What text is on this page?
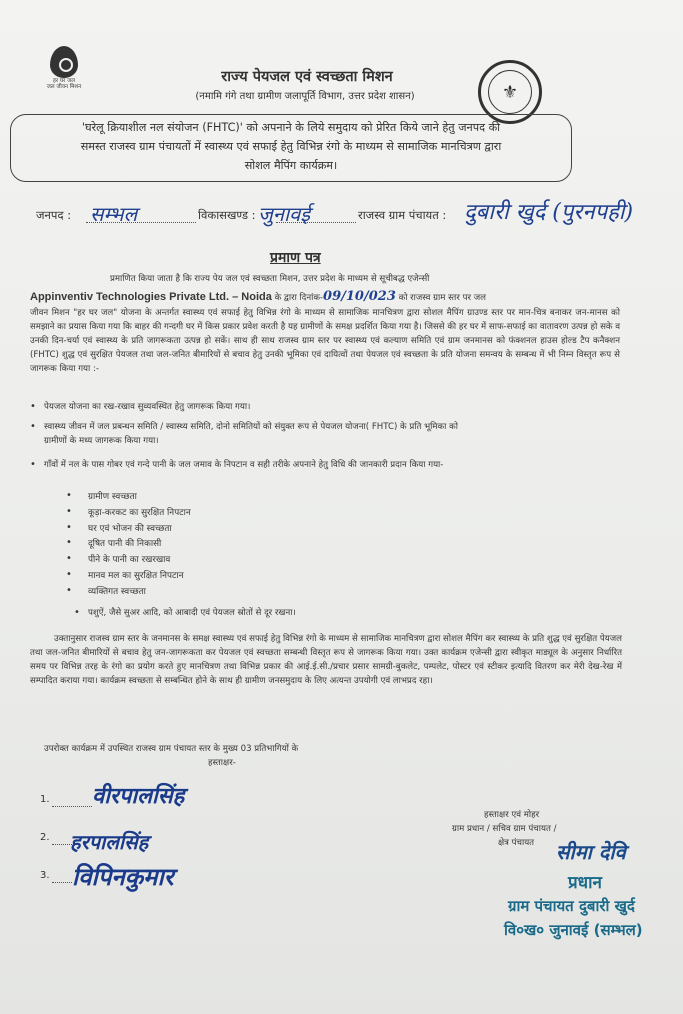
हर घर जल
जल जीवन मिशन
राज्य पेयजल एवं स्वच्छता मिशन
(नमामि गंगे तथा ग्रामीण जलापूर्ति विभाग, उत्तर प्रदेश शासन)	⚜
'घरेलू क्रियाशील नल संयोजन (FHTC)' को अपनाने के लिये समुदाय को प्रेरित किये जाने हेतु जनपद की
समस्त राजस्व ग्राम पंचायतों में स्वास्थ्य एवं सफाई हेतु विभिन्न रंगो के माध्यम से सामाजिक मानचित्रण द्वारा
सोशल मैपिंग कार्यक्रम।
जनपद : सम्भल	विकासखण्ड : जुनावई	राजस्व ग्राम पंचायत : दुबारी खुर्द (पुरनपही)
प्रमाण पत्र
प्रमाणित किया जाता है कि राज्य पेय जल एवं स्वच्छता मिशन, उत्तर प्रदेश के माध्यम से सूचीबद्ध एजेन्सी
Appinventiv Technologies Private Ltd. – Noida के द्वारा दिनांक-09/10/023 को राजस्व ग्राम स्तर पर जल
जीवन मिशन "हर घर जल" योजना के अन्तर्गत स्वास्थ्य एवं सफाई हेतु विभिन्न रंगो के माध्यम से सामाजिक मानचित्रण द्वारा सोशल मैपिंग ग्राउण्ड स्तर पर मान-चित्र बनाकर जन-मानस को समझाने का प्रयास किया गया कि बाहर की गन्दगी घर में किस प्रकार प्रवेश करती है यह ग्रामीणों के समक्ष प्रदर्शित किया गया है। जिससे की हर घर में साफ-सफाई का वातावरण उत्पन्न हो सके व उनकी दिन-चर्या एवं स्वास्थ्य के प्रति जागरूकता उत्पन्न हो सकें। साथ ही साथ राजस्व ग्राम स्तर पर स्वास्थ्य एवं कल्याण समिति एवं ग्राम जनमानस को फंक्शनल हाउस होल्ड टैप कनैक्शन (FHTC) शुद्ध एवं सुरक्षित पेयजल तथा जल-जनित बीमारियों से बचाव हेतु उनकी भूमिका एवं दायित्वों तथा पेयजल एवं स्वच्छता के प्रति योजना समन्वय के सम्बन्ध में भी निम्न विस्तृत रूप से जागरूक किया गया :-
• पेयजल योजना का रख-रखाव सुव्यवस्थित हेतु जागरूक किया गया।
• स्वास्थ्य जीवन में जल प्रबन्धन समिति / स्वास्थ्य समिति, दोनो समितियों को संयुक्त रूप से पेयजल योजना( FHTC) के प्रति भूमिका को
ग्रामीणों के मध्य जागरूक किया गया।
• गाँवों में नल के पास गोबर एवं गन्दे पानी के जल जमाव के निपटान व सही तरीके अपनाने हेतु विधि की जानकारी प्रदान किया गया-
• ग्रामीण स्वच्छता
• कूड़ा-करकट का सुरक्षित निपटान
• घर एवं भोजन की स्वच्छता
• दूषित पानी की निकासी
• पीने के पानी का रखरखाव
• मानव मल का सुरक्षित निपटान
• व्यक्तिगत स्वच्छता
• पशुऐं, जैसे सुअर आदि, को आबादी एवं पेयजल स्रोतों से दूर रखना।
उक्तानुसार राजस्व ग्राम स्तर के जनमानस के समक्ष स्वास्थ्य एवं सफाई हेतु विभिन्न रंगो के माध्यम से सामाजिक मानचित्रण द्वारा सोशल मैपिंग कर स्वास्थ्य के प्रति शुद्ध एवं सुरक्षित पेयजल तथा जल-जनित बीमारियों से बचाव हेतु जन-जागरूकता कर पेयजल एवं स्वच्छता सम्बन्धी विस्तृत रूप से जागरूक किया गया। उक्त कार्यक्रम एजेन्सी द्वारा स्वीकृत माड्यूल के अनुसार निर्धारित समय पर विभिन्न तरह के रंगो का प्रयोग करते हुए मानचित्रण तथा विभिन्न प्रकार की आई.ई.सी./प्रचार प्रसार सामग्री-बुकलेट, पम्पलेट, पोस्टर एवं स्टीकर इत्यादि वितरण कर मेरी देख-रेख में सम्पादित कराया गया। कार्यक्रम स्वच्छता से सम्बन्धित होने के साथ ही ग्रामीण जनसमुदाय के लिए अत्यन्त उपयोगी एवं लाभप्रद रहा।
उपरोक्त कार्यक्रम में उपस्थित राजस्व ग्राम पंचायत स्तर के मुख्य 03 प्रतिभागियों के
हस्ताक्षर-
1. वीरपालसिंह
2. हरपालसिंह
3. विपिनकुमार
हस्ताक्षर एवं मोहर
ग्राम प्रधान / सचिव ग्राम पंचायत /
क्षेत्र पंचायत	सीमा देवि
प्रधान
ग्राम पंचायत दुबारी खुर्द
वि०ख० जुनावई (सम्भल)
